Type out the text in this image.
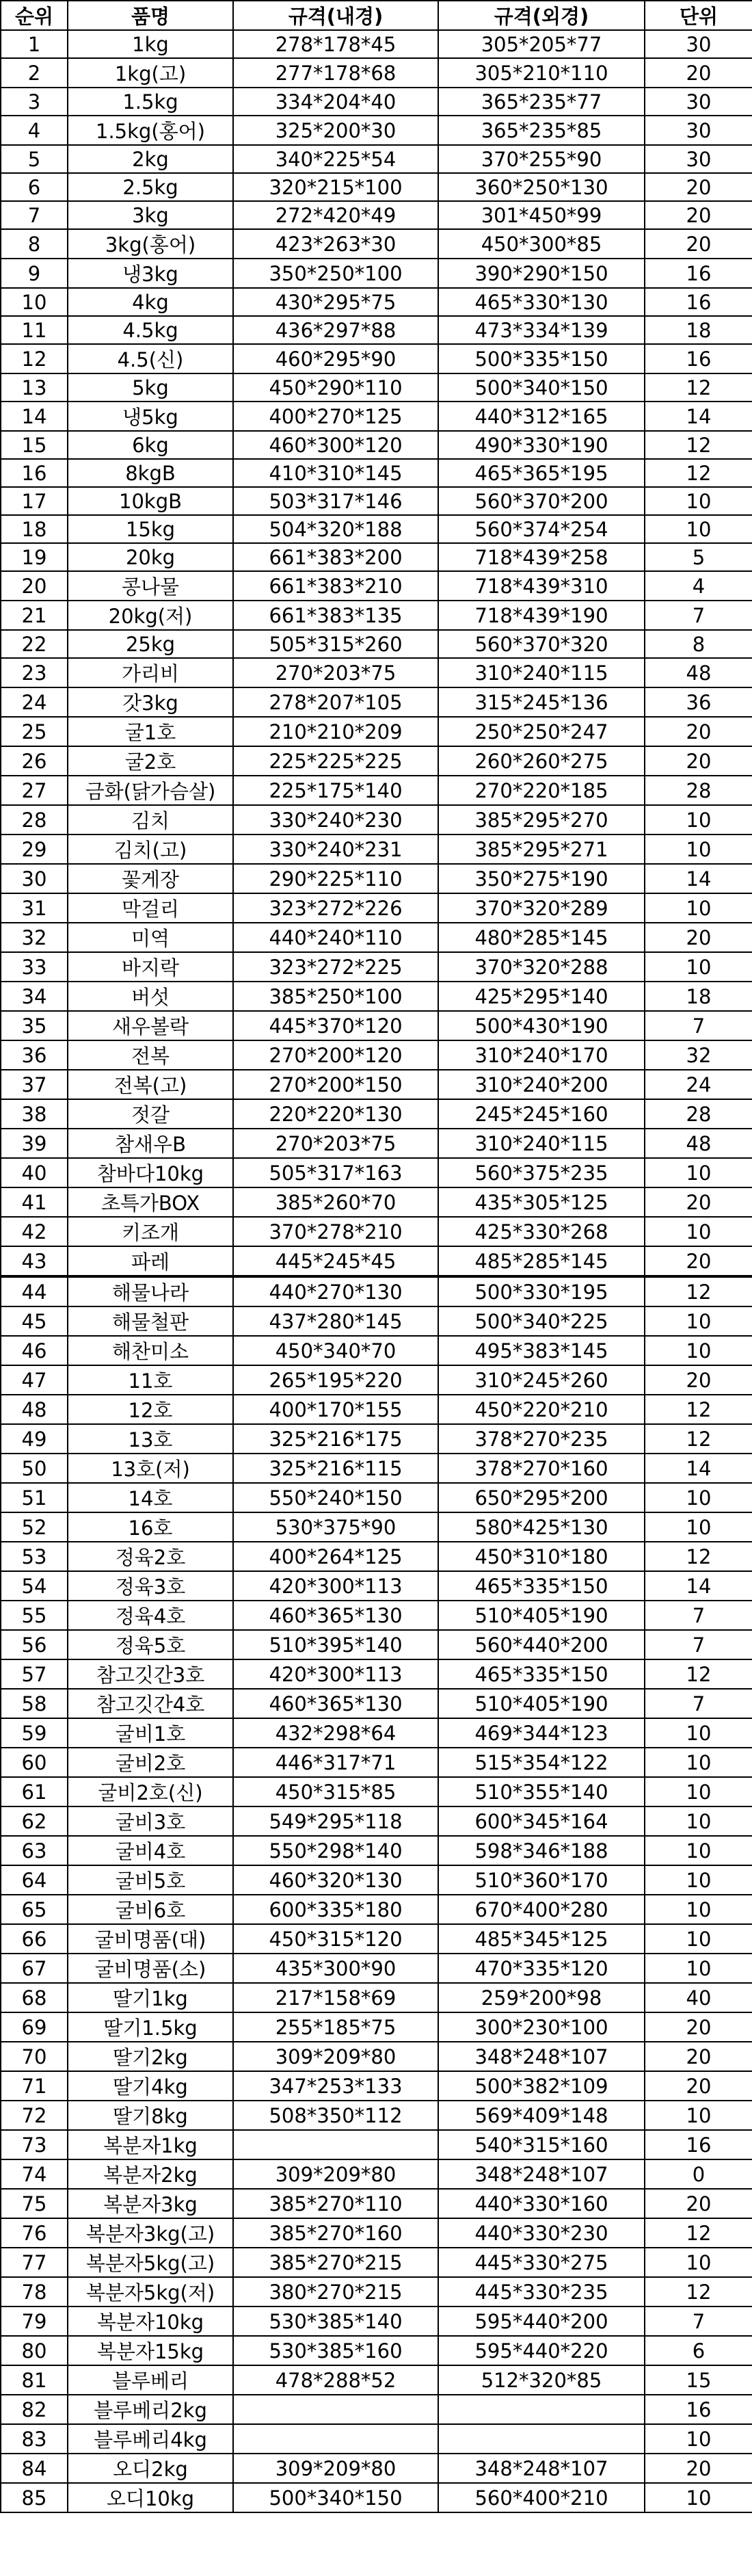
순위	품명	규격(내경)	규격(외경)	단위
1	1kg	278*178*45	305*205*77	30
2	1kg(고)	277*178*68	305*210*110	20
3	1.5kg	334*204*40	365*235*77	30
4	1.5kg(홍어)	325*200*30	365*235*85	30
5	2kg	340*225*54	370*255*90	30
6	2.5kg	320*215*100	360*250*130	20
7	3kg	272*420*49	301*450*99	20
8	3kg(홍어)	423*263*30	450*300*85	20
9	냉3kg	350*250*100	390*290*150	16
10	4kg	430*295*75	465*330*130	16
11	4.5kg	436*297*88	473*334*139	18
12	4.5(신)	460*295*90	500*335*150	16
13	5kg	450*290*110	500*340*150	12
14	냉5kg	400*270*125	440*312*165	14
15	6kg	460*300*120	490*330*190	12
16	8kgB	410*310*145	465*365*195	12
17	10kgB	503*317*146	560*370*200	10
18	15kg	504*320*188	560*374*254	10
19	20kg	661*383*200	718*439*258	5
20	콩나물	661*383*210	718*439*310	4
21	20kg(저)	661*383*135	718*439*190	7
22	25kg	505*315*260	560*370*320	8
23	가리비	270*203*75	310*240*115	48
24	갓3kg	278*207*105	315*245*136	36
25	굴1호	210*210*209	250*250*247	20
26	굴2호	225*225*225	260*260*275	20
27	금화(닭가슴살)	225*175*140	270*220*185	28
28	김치	330*240*230	385*295*270	10
29	김치(고)	330*240*231	385*295*271	10
30	꽃게장	290*225*110	350*275*190	14
31	막걸리	323*272*226	370*320*289	10
32	미역	440*240*110	480*285*145	20
33	바지락	323*272*225	370*320*288	10
34	버섯	385*250*100	425*295*140	18
35	새우볼락	445*370*120	500*430*190	7
36	전복	270*200*120	310*240*170	32
37	전복(고)	270*200*150	310*240*200	24
38	젓갈	220*220*130	245*245*160	28
39	참새우B	270*203*75	310*240*115	48
40	참바다10kg	505*317*163	560*375*235	10
41	초특가BOX	385*260*70	435*305*125	20
42	키조개	370*278*210	425*330*268	10
43	파레	445*245*45	485*285*145	20
44	해물나라	440*270*130	500*330*195	12
45	해물철판	437*280*145	500*340*225	10
46	해찬미소	450*340*70	495*383*145	10
47	11호	265*195*220	310*245*260	20
48	12호	400*170*155	450*220*210	12
49	13호	325*216*175	378*270*235	12
50	13호(저)	325*216*115	378*270*160	14
51	14호	550*240*150	650*295*200	10
52	16호	530*375*90	580*425*130	10
53	정육2호	400*264*125	450*310*180	12
54	정육3호	420*300*113	465*335*150	14
55	정육4호	460*365*130	510*405*190	7
56	정육5호	510*395*140	560*440*200	7
57	참고깃간3호	420*300*113	465*335*150	12
58	참고깃간4호	460*365*130	510*405*190	7
59	굴비1호	432*298*64	469*344*123	10
60	굴비2호	446*317*71	515*354*122	10
61	굴비2호(신)	450*315*85	510*355*140	10
62	굴비3호	549*295*118	600*345*164	10
63	굴비4호	550*298*140	598*346*188	10
64	굴비5호	460*320*130	510*360*170	10
65	굴비6호	600*335*180	670*400*280	10
66	굴비명품(대)	450*315*120	485*345*125	10
67	굴비명품(소)	435*300*90	470*335*120	10
68	딸기1kg	217*158*69	259*200*98	40
69	딸기1.5kg	255*185*75	300*230*100	20
70	딸기2kg	309*209*80	348*248*107	20
71	딸기4kg	347*253*133	500*382*109	20
72	딸기8kg	508*350*112	569*409*148	10
73	복분자1kg		540*315*160	16
74	복분자2kg	309*209*80	348*248*107	0
75	복분자3kg	385*270*110	440*330*160	20
76	복분자3kg(고)	385*270*160	440*330*230	12
77	복분자5kg(고)	385*270*215	445*330*275	10
78	복분자5kg(저)	380*270*215	445*330*235	12
79	복분자10kg	530*385*140	595*440*200	7
80	복분자15kg	530*385*160	595*440*220	6
81	블루베리	478*288*52	512*320*85	15
82	블루베리2kg			16
83	블루베리4kg			10
84	오디2kg	309*209*80	348*248*107	20
85	오디10kg	500*340*150	560*400*210	10
